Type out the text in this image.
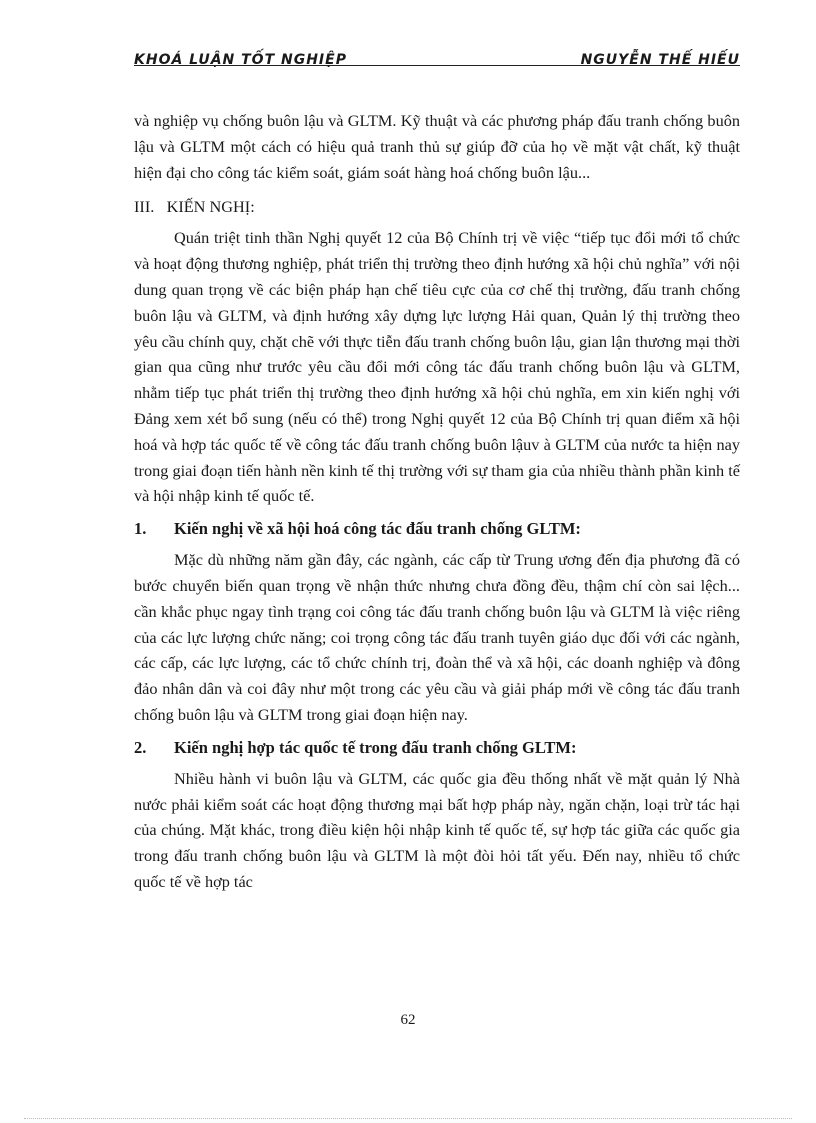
KHOÁ LUẬN TỐT NGHIỆP	NGUYỄN THẾ HIẾU

và nghiệp vụ chống buôn lậu và GLTM. Kỹ thuật và các phương pháp đấu tranh chống buôn lậu và GLTM một cách có hiệu quả tranh thủ sự giúp đỡ của họ về mặt vật chất, kỹ thuật hiện đại cho công tác kiểm soát, giám soát hàng hoá chống buôn lậu...

III. KIẾN NGHỊ:

Quán triệt tinh thần Nghị quyết 12 của Bộ Chính trị về việc “tiếp tục đổi mới tổ chức và hoạt động thương nghiệp, phát triển thị trường theo định hướng xã hội chủ nghĩa” với nội dung quan trọng về các biện pháp hạn chế tiêu cực của cơ chế thị trường, đấu tranh chống buôn lậu và GLTM, và định hướng xây dựng lực lượng Hải quan, Quản lý thị trường theo yêu cầu chính quy, chặt chẽ với thực tiễn đấu tranh chống buôn lậu, gian lận thương mại thời gian qua cũng như trước yêu cầu đổi mới công tác đấu tranh chống buôn lậu và GLTM, nhằm tiếp tục phát triển thị trường theo định hướng xã hội chủ nghĩa, em xin kiến nghị với Đảng xem xét bổ sung (nếu có thể) trong Nghị quyết 12 của Bộ Chính trị quan điểm xã hội hoá và hợp tác quốc tế về công tác đấu tranh chống buôn lậuv à GLTM của nước ta hiện nay trong giai đoạn tiến hành nền kinh tế thị trường với sự tham gia của nhiều thành phần kinh tế và hội nhập kinh tế quốc tế.

1.	Kiến nghị về xã hội hoá công tác đấu tranh chống GLTM:

Mặc dù những năm gần đây, các ngành, các cấp từ Trung ương đến địa phương đã có bước chuyển biến quan trọng về nhận thức nhưng chưa đồng đều, thậm chí còn sai lệch... cần khắc phục ngay tình trạng coi công tác đấu tranh chống buôn lậu và GLTM là việc riêng của các lực lượng chức năng; coi trọng công tác đấu tranh tuyên giáo dục đối với các ngành, các cấp, các lực lượng, các tổ chức chính trị, đoàn thể và xã hội, các doanh nghiệp và đông đảo nhân dân và coi đây như một trong các yêu cầu và giải pháp mới về công tác đấu tranh chống buôn lậu và GLTM trong giai đoạn hiện nay.

2.	Kiến nghị hợp tác quốc tế trong đấu tranh chống GLTM:

Nhiều hành vi buôn lậu và GLTM, các quốc gia đều thống nhất về mặt quản lý Nhà nước phải kiểm soát các hoạt động thương mại bất hợp pháp này, ngăn chặn, loại trừ tác hại của chúng. Mặt khác, trong điều kiện hội nhập kinh tế quốc tế, sự hợp tác giữa các quốc gia trong đấu tranh chống buôn lậu và GLTM là một đòi hỏi tất yếu. Đến nay, nhiều tổ chức quốc tế về hợp tác

62
